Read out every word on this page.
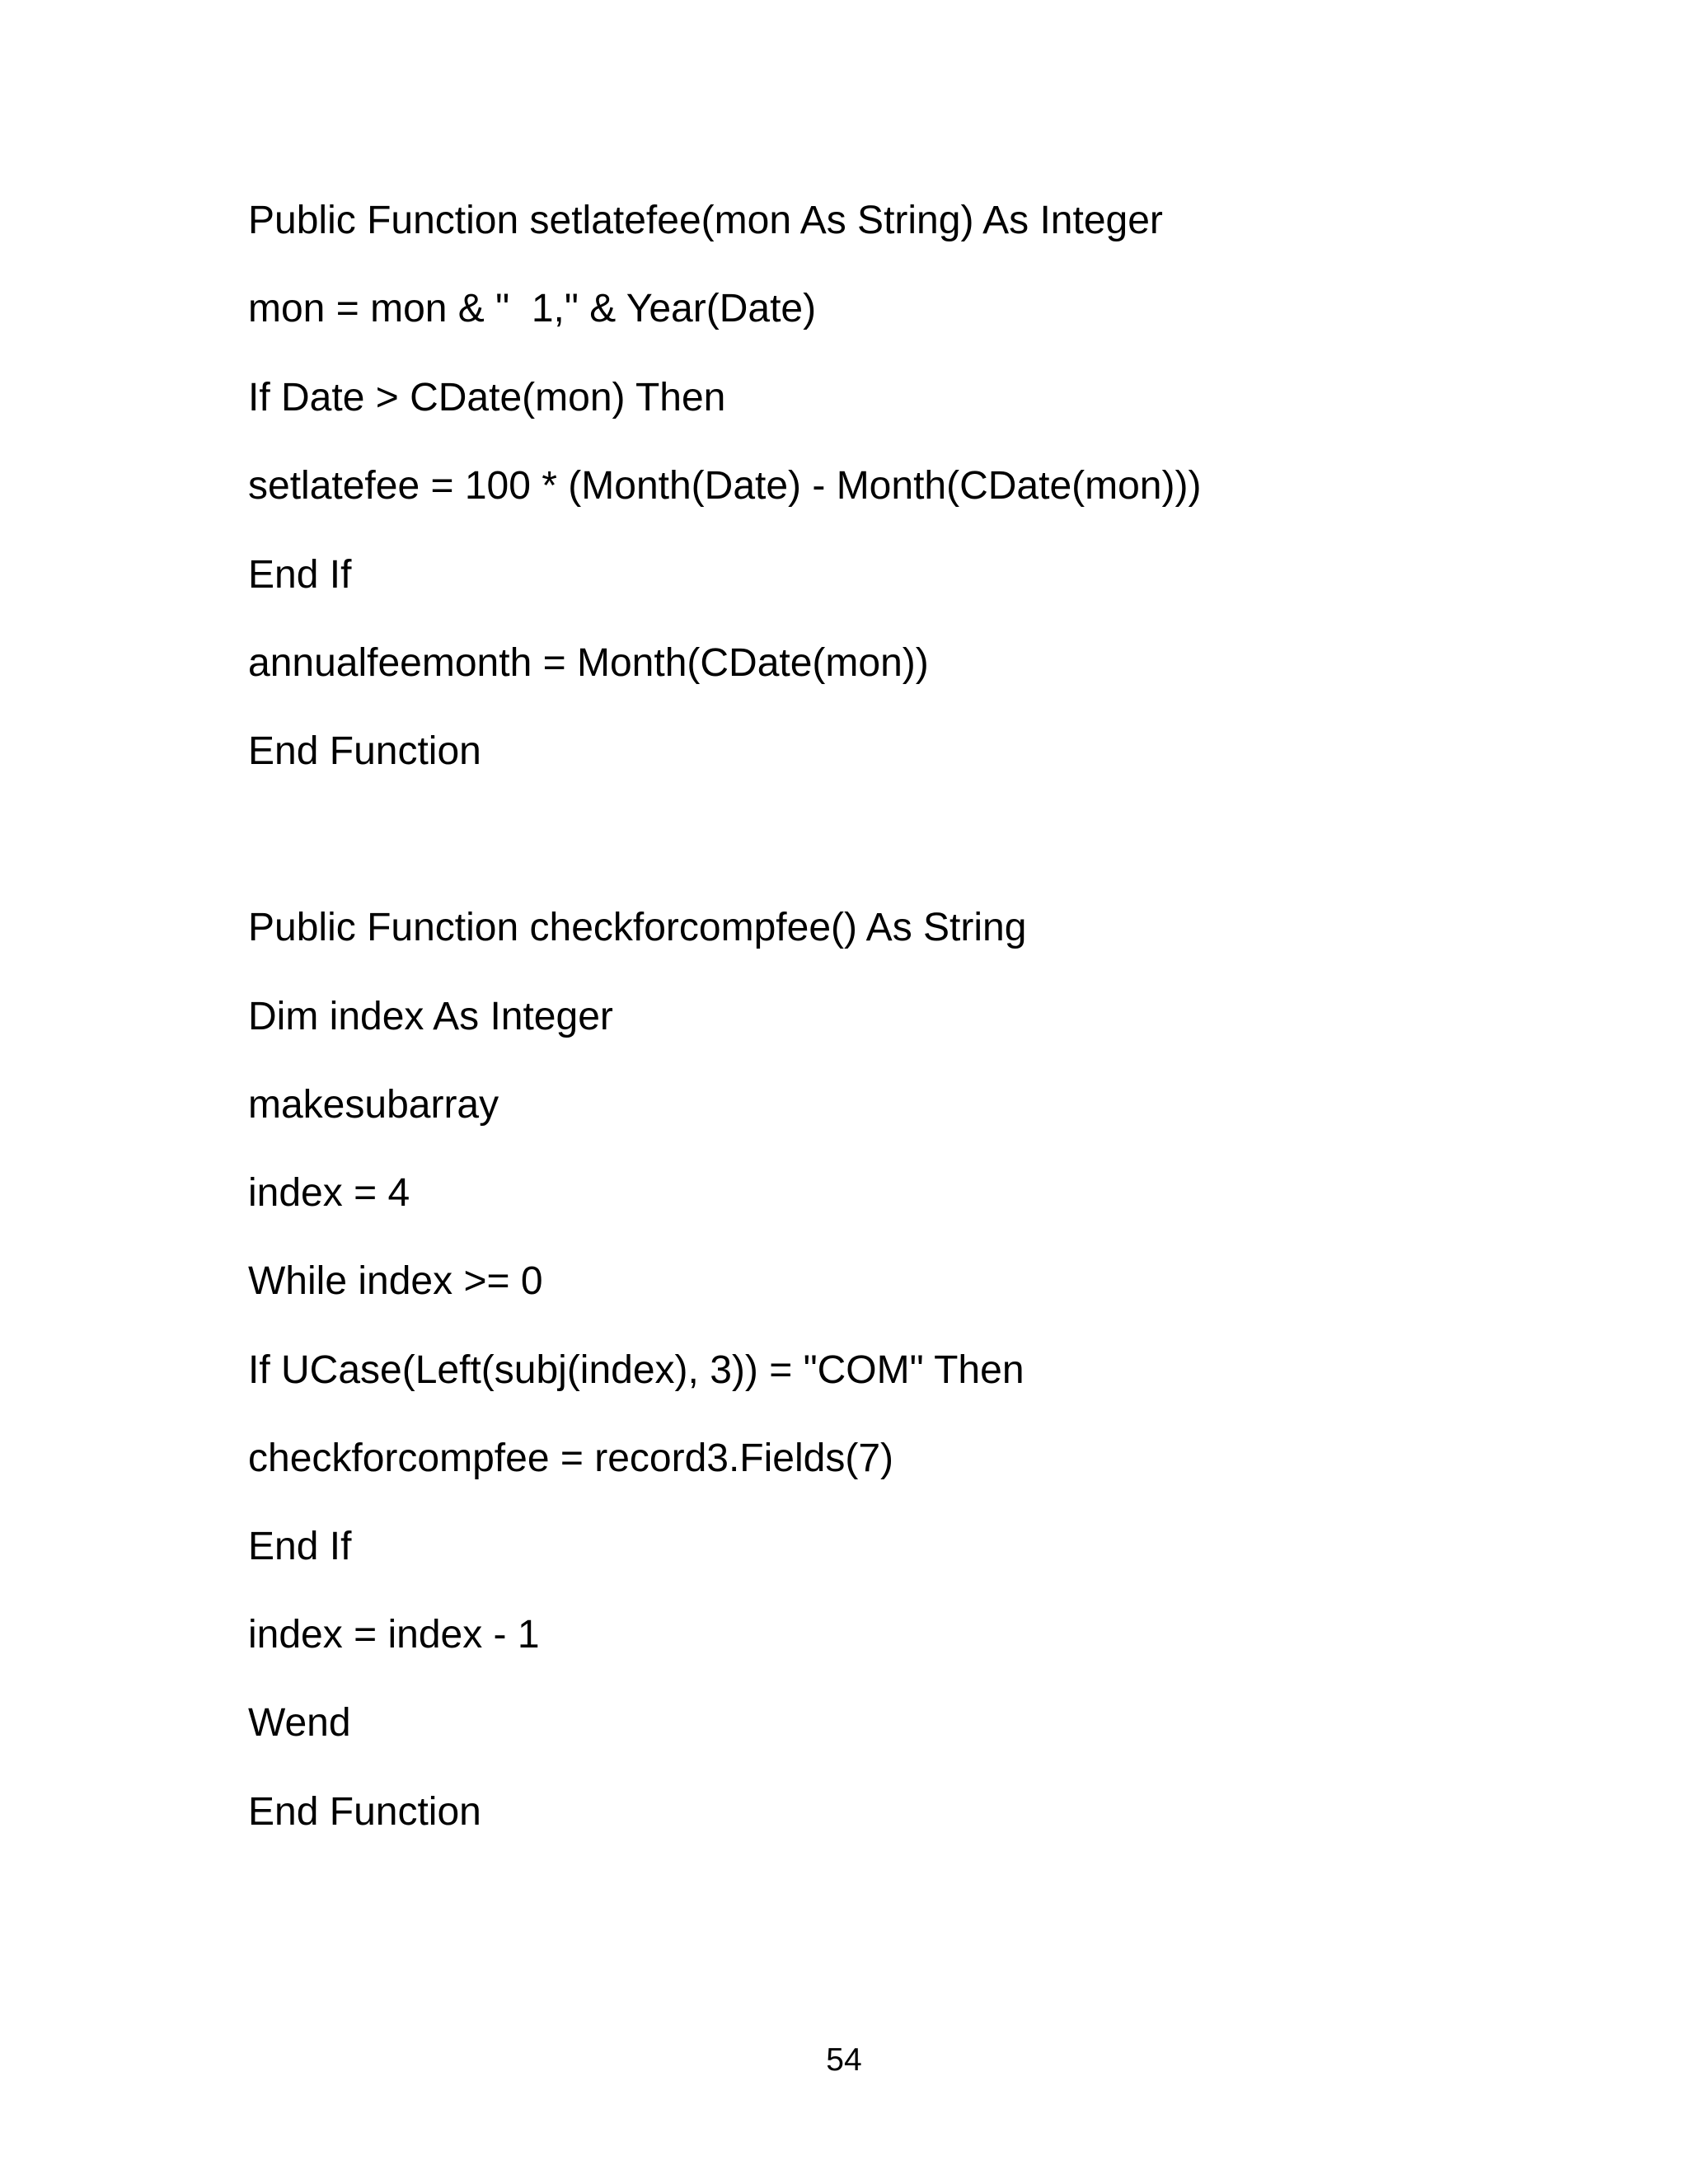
Public Function setlatefee(mon As String) As Integer

mon = mon & "  1," & Year(Date)

If Date > CDate(mon) Then

setlatefee = 100 * (Month(Date) - Month(CDate(mon)))

End If

annualfeemonth = Month(CDate(mon))

End Function

Public Function checkforcompfee() As String

Dim index As Integer

makesubarray

index = 4

While index >= 0

If UCase(Left(subj(index), 3)) = "COM" Then

checkforcompfee = record3.Fields(7)

End If

index = index - 1

Wend

End Function

54
